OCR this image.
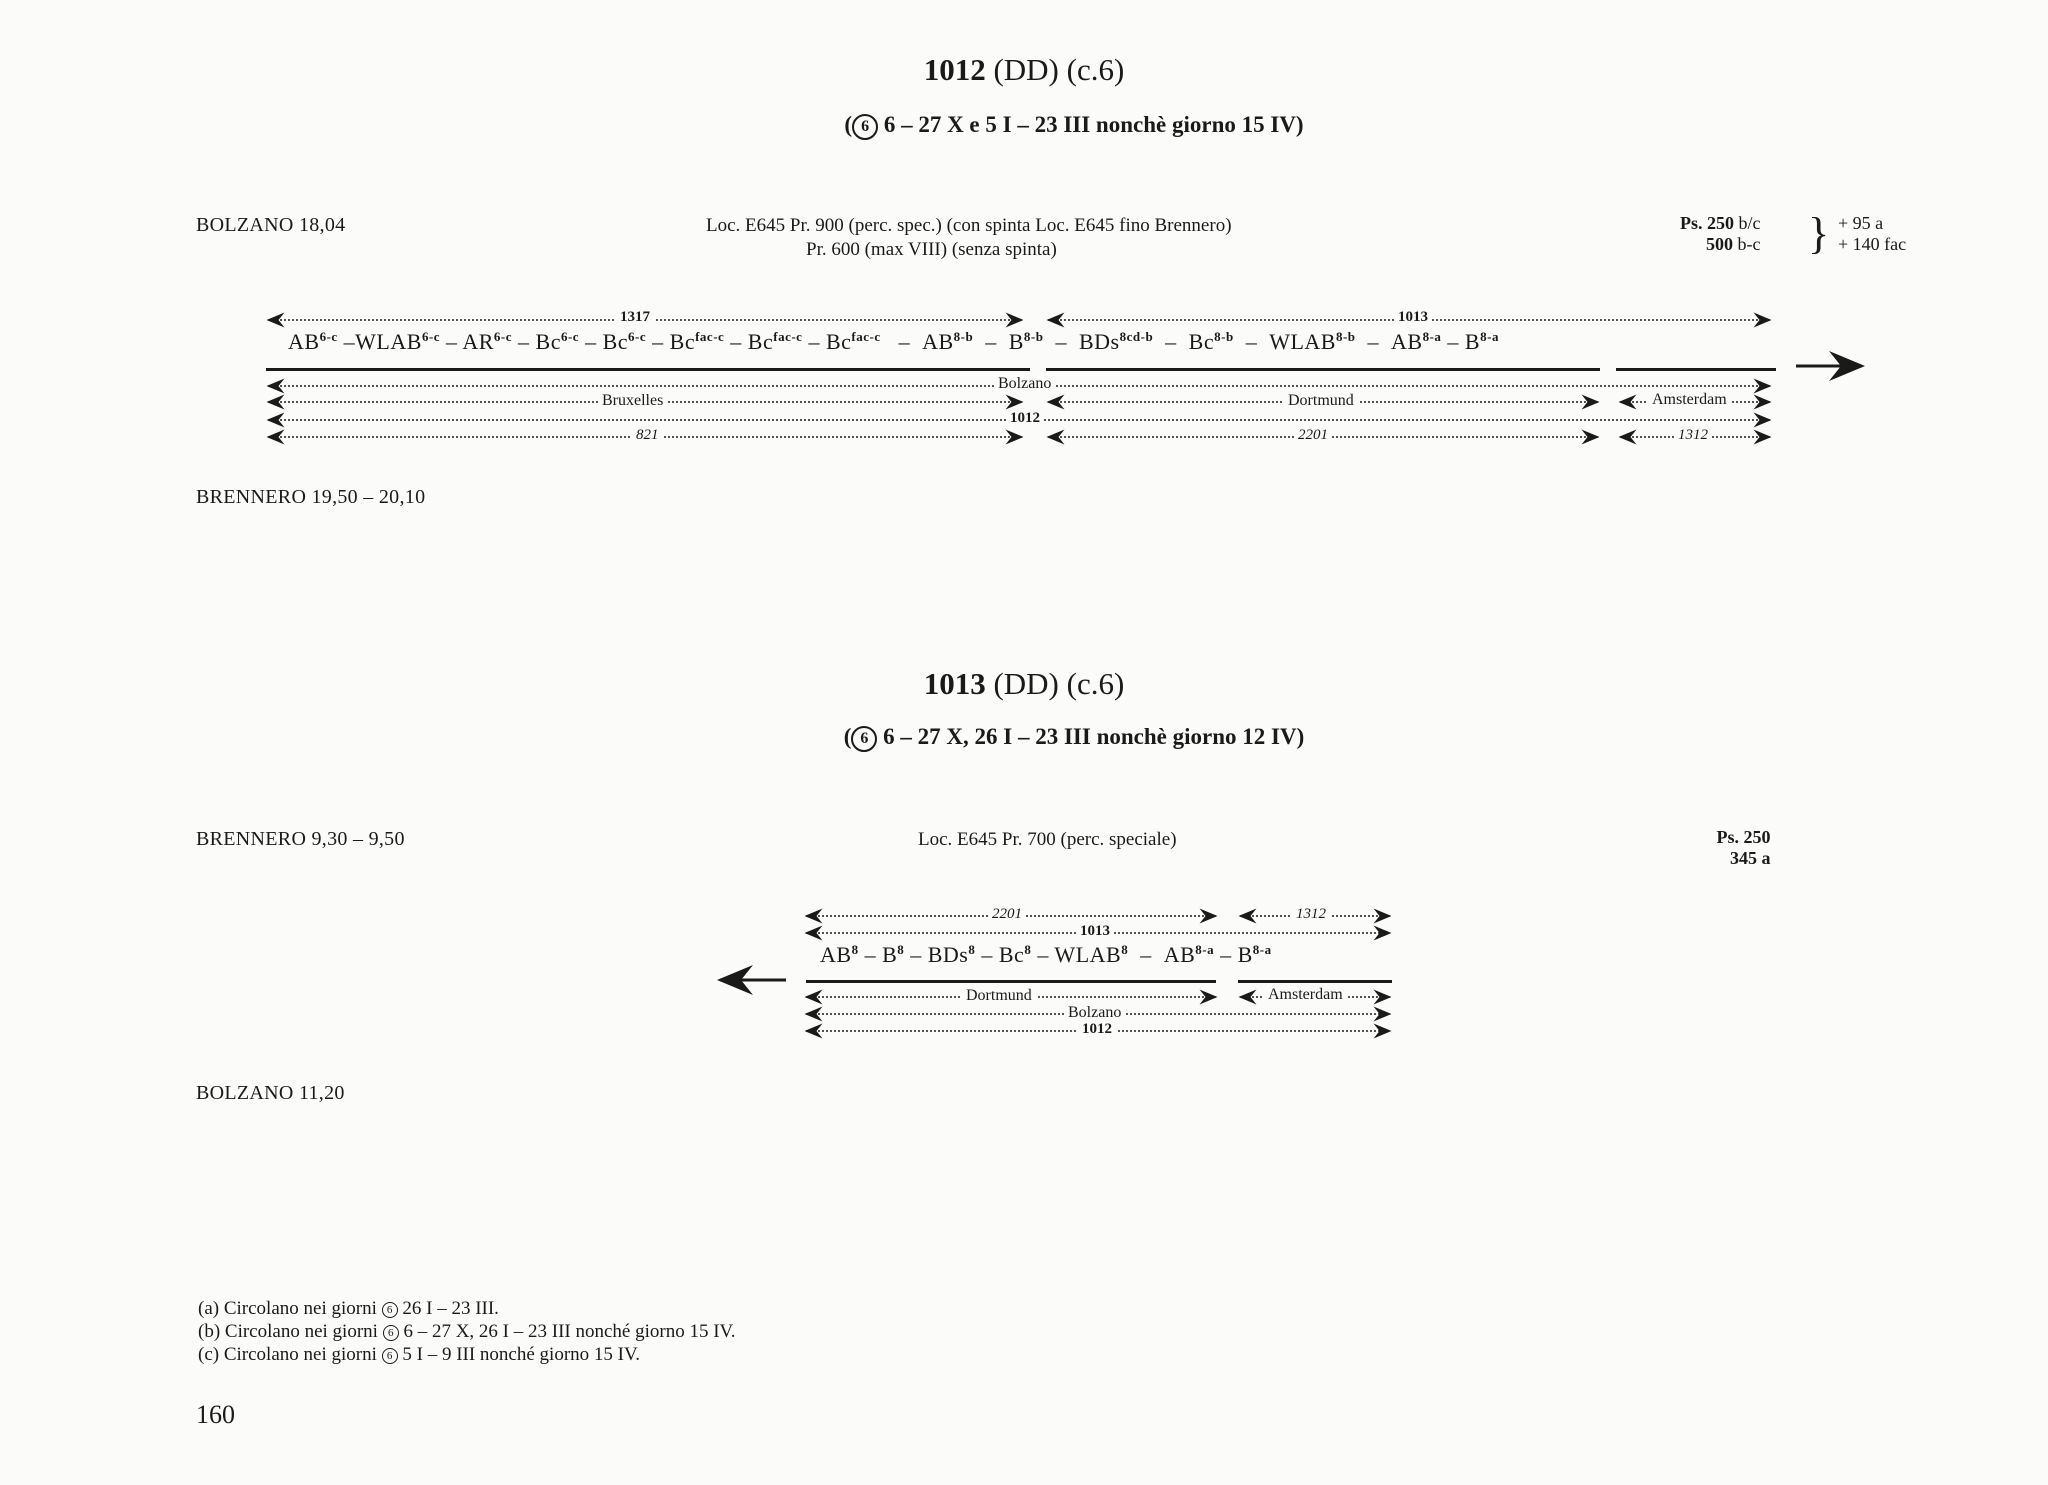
1012 (DD) (c.6)
( 6 6 – 27 X e 5 I – 23 III nonchè giorno 15 IV)
BOLZANO 18,04
BRENNERO 19,50 – 20,10
Loc. E645 Pr. 900 (perc. spec.) (con spinta Loc. E645 fino Brennero)
Pr. 600 (max VIII) (senza spinta)
Ps. 250 b/c
500 b-c } + 95 a
+ 140 fac
AB$^{6-c}$ –WLAB$^{6-c}$ – $AR^{6-c} - Bc^{6-c} - Bc^{6-c} - Bc^{fac-c} - Bc^{fac-c} - Bc^{fac-c} - AB^{8-b} - B^{8-b} - BDs^{8cd-b} - Bc^{8-b}$  –  WLAB$^{8-b}$  –  $AB^{8-a} - B^{8-a}$
1317	1013
Bolzano
Bruxelles	Dortmund	Amsterdam
1012
821	2201	1312
1013 (DD) (c.6)
( 6 6 – 27 X, 26 I – 23 III nonchè giorno 12 IV)
BRENNERO 9,30 – 9,50
BOLZANO 11,20
Loc. E645 Pr. 700 (perc. speciale)	Ps. 250
345 a
$AB^8 - B^8 - BDs^8 - Bc^8$ – WLAB$^8$  –  $AB^{8-a} - B^{8-a}$
2201	1312
1013
Dortmund	Amsterdam
Bolzano
1012
(a) Circolano nei giorni 6 26 I – 23 III.
(b) Circolano nei giorni 6 6 – 27 X, 26 I – 23 III nonché giorno 15 IV.
(c) Circolano nei giorni 6 5 I – 9 III nonché giorno 15 IV.
160
